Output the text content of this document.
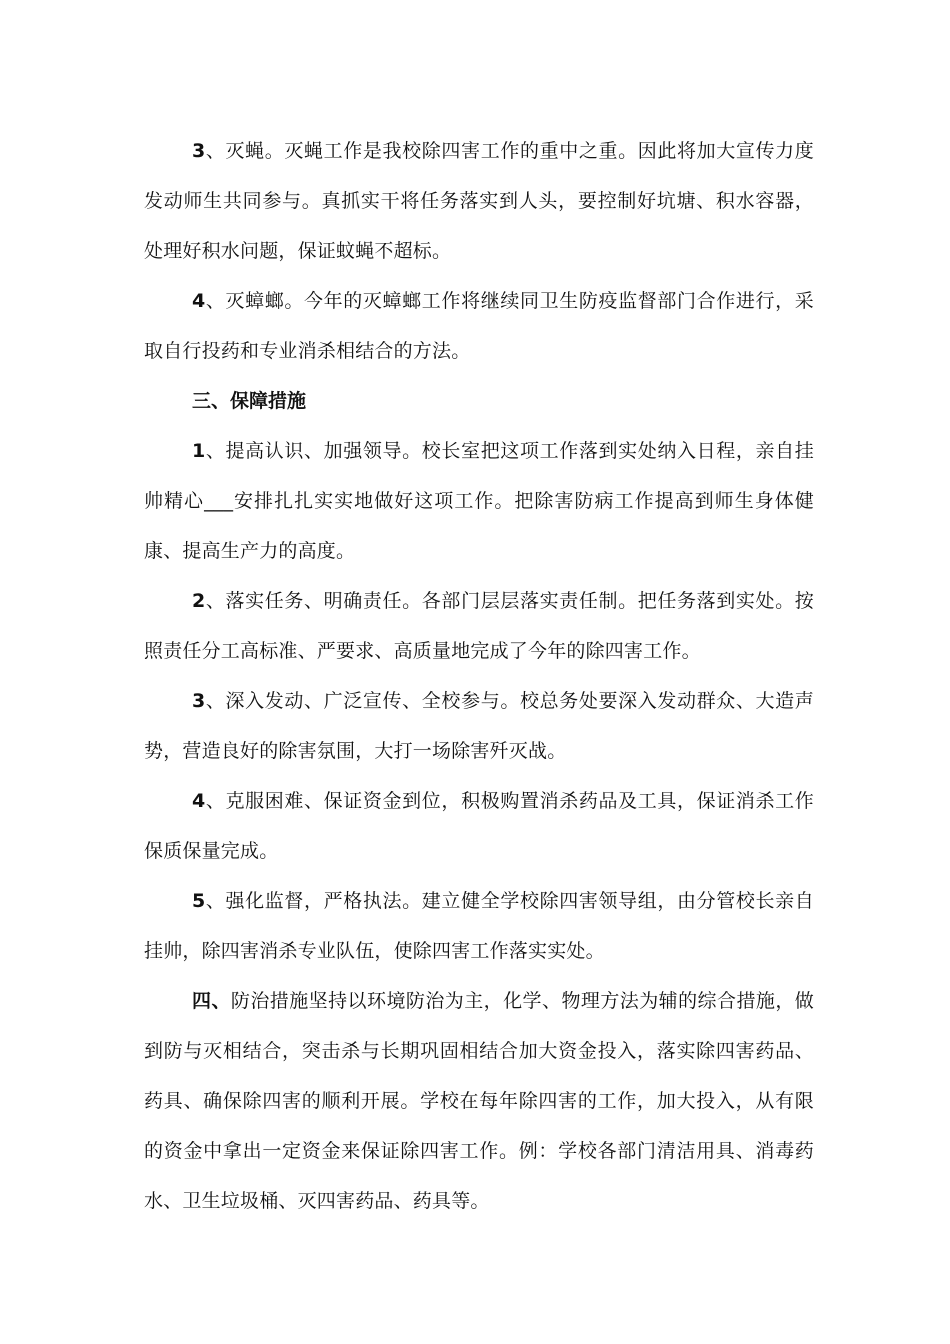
3、灭蝇。灭蝇工作是我校除四害工作的重中之重。因此将加大宣传力度发动师生共同参与。真抓实干将任务落实到人头，要控制好坑塘、积水容器，处理好积水问题，保证蚊蝇不超标。

4、灭蟑螂。今年的灭蟑螂工作将继续同卫生防疫监督部门合作进行，采取自行投药和专业消杀相结合的方法。

三、保障措施

1、提高认识、加强领导。校长室把这项工作落到实处纳入日程，亲自挂帅精心___安排扎扎实实地做好这项工作。把除害防病工作提高到师生身体健康、提高生产力的高度。

2、落实任务、明确责任。各部门层层落实责任制。把任务落到实处。按照责任分工高标准、严要求、高质量地完成了今年的除四害工作。

3、深入发动、广泛宣传、全校参与。校总务处要深入发动群众、大造声势，营造良好的除害氛围，大打一场除害歼灭战。

4、克服困难、保证资金到位，积极购置消杀药品及工具，保证消杀工作保质保量完成。

5、强化监督，严格执法。建立健全学校除四害领导组，由分管校长亲自挂帅，除四害消杀专业队伍，使除四害工作落实实处。

四、防治措施坚持以环境防治为主，化学、物理方法为辅的综合措施，做到防与灭相结合，突击杀与长期巩固相结合加大资金投入，落实除四害药品、药具、确保除四害的顺利开展。学校在每年除四害的工作，加大投入，从有限的资金中拿出一定资金来保证除四害工作。例：学校各部门清洁用具、消毒药水、卫生垃圾桶、灭四害药品、药具等。
